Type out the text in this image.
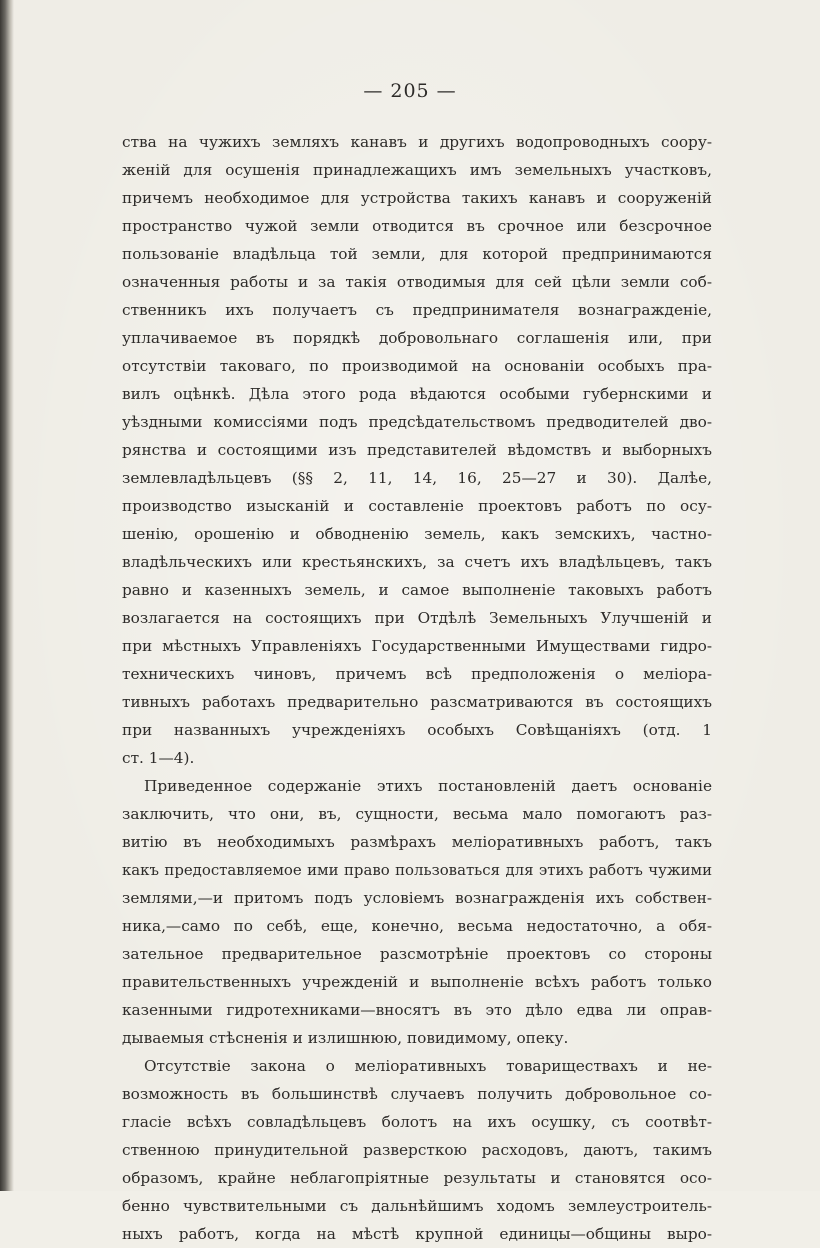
— 205 —
ства на чужихъ земляхъ канавъ и другихъ водопроводныхъ соору-
женій для осушенія принадлежащихъ имъ земельныхъ участковъ,
причемъ необходимое для устройства такихъ канавъ и сооруженій
пространство чужой земли отводится въ срочное или безсрочное
пользованіе владѣльца той земли, для которой предпринимаются
означенныя работы и за такія отводимыя для сей цѣли земли соб-
ственникъ ихъ получаетъ съ предпринимателя вознагражденіе,
уплачиваемое въ порядкѣ добровольнаго соглашенія или, при
отсутствіи таковаго, по производимой на основаніи особыхъ пра-
вилъ оцѣнкѣ. Дѣла этого рода вѣдаются особыми губернскими и
уѣздными комиссіями подъ предсѣдательствомъ предводителей дво-
рянства и состоящими изъ представителей вѣдомствъ и выборныхъ
землевладѣльцевъ (§§ 2, 11, 14, 16, 25—27 и 30). Далѣе,
производство изысканій и составленіе проектовъ работъ по осу-
шенію, орошенію и обводненію земель, какъ земскихъ, частно-
владѣльческихъ или крестьянскихъ, за счетъ ихъ владѣльцевъ, такъ
равно и казенныхъ земель, и самое выполненіе таковыхъ работъ
возлагается на состоящихъ при Отдѣлѣ Земельныхъ Улучшеній и
при мѣстныхъ Управленіяхъ Государственными Имуществами гидро-
техническихъ чиновъ, причемъ всѣ предположенія о меліора-
тивныхъ работахъ предварительно разсматриваются въ состоящихъ
при названныхъ учрежденіяхъ особыхъ Совѣщаніяхъ (отд. 1
ст. 1—4).
Приведенное содержаніе этихъ постановленій даетъ основаніе
заключить, что они, въ, сущности, весьма мало помогаютъ раз-
витію въ необходимыхъ размѣрахъ меліоративныхъ работъ, такъ
какъ предоставляемое ими право пользоваться для этихъ работъ чужими
землями,—и притомъ подъ условіемъ вознагражденія ихъ собствен-
ника,—само по себѣ, еще, конечно, весьма недостаточно, а обя-
зательное предварительное разсмотрѣніе проектовъ со стороны
правительственныхъ учрежденій и выполненіе всѣхъ работъ только
казенными гидротехниками—вносятъ въ это дѣло едва ли оправ-
дываемыя стѣсненія и излишнюю, повидимому, опеку.
Отсутствіе закона о меліоративныхъ товариществахъ и не-
возможность въ большинствѣ случаевъ получить добровольное со-
гласіе всѣхъ совладѣльцевъ болотъ на ихъ осушку, съ соотвѣт-
ственною принудительной разверсткою расходовъ, даютъ, такимъ
образомъ, крайне неблагопріятные результаты и становятся осо-
бенно чувствительными съ дальнѣйшимъ ходомъ землеустроитель-
ныхъ работъ, когда на мѣстѣ крупной единицы—общины выро-
